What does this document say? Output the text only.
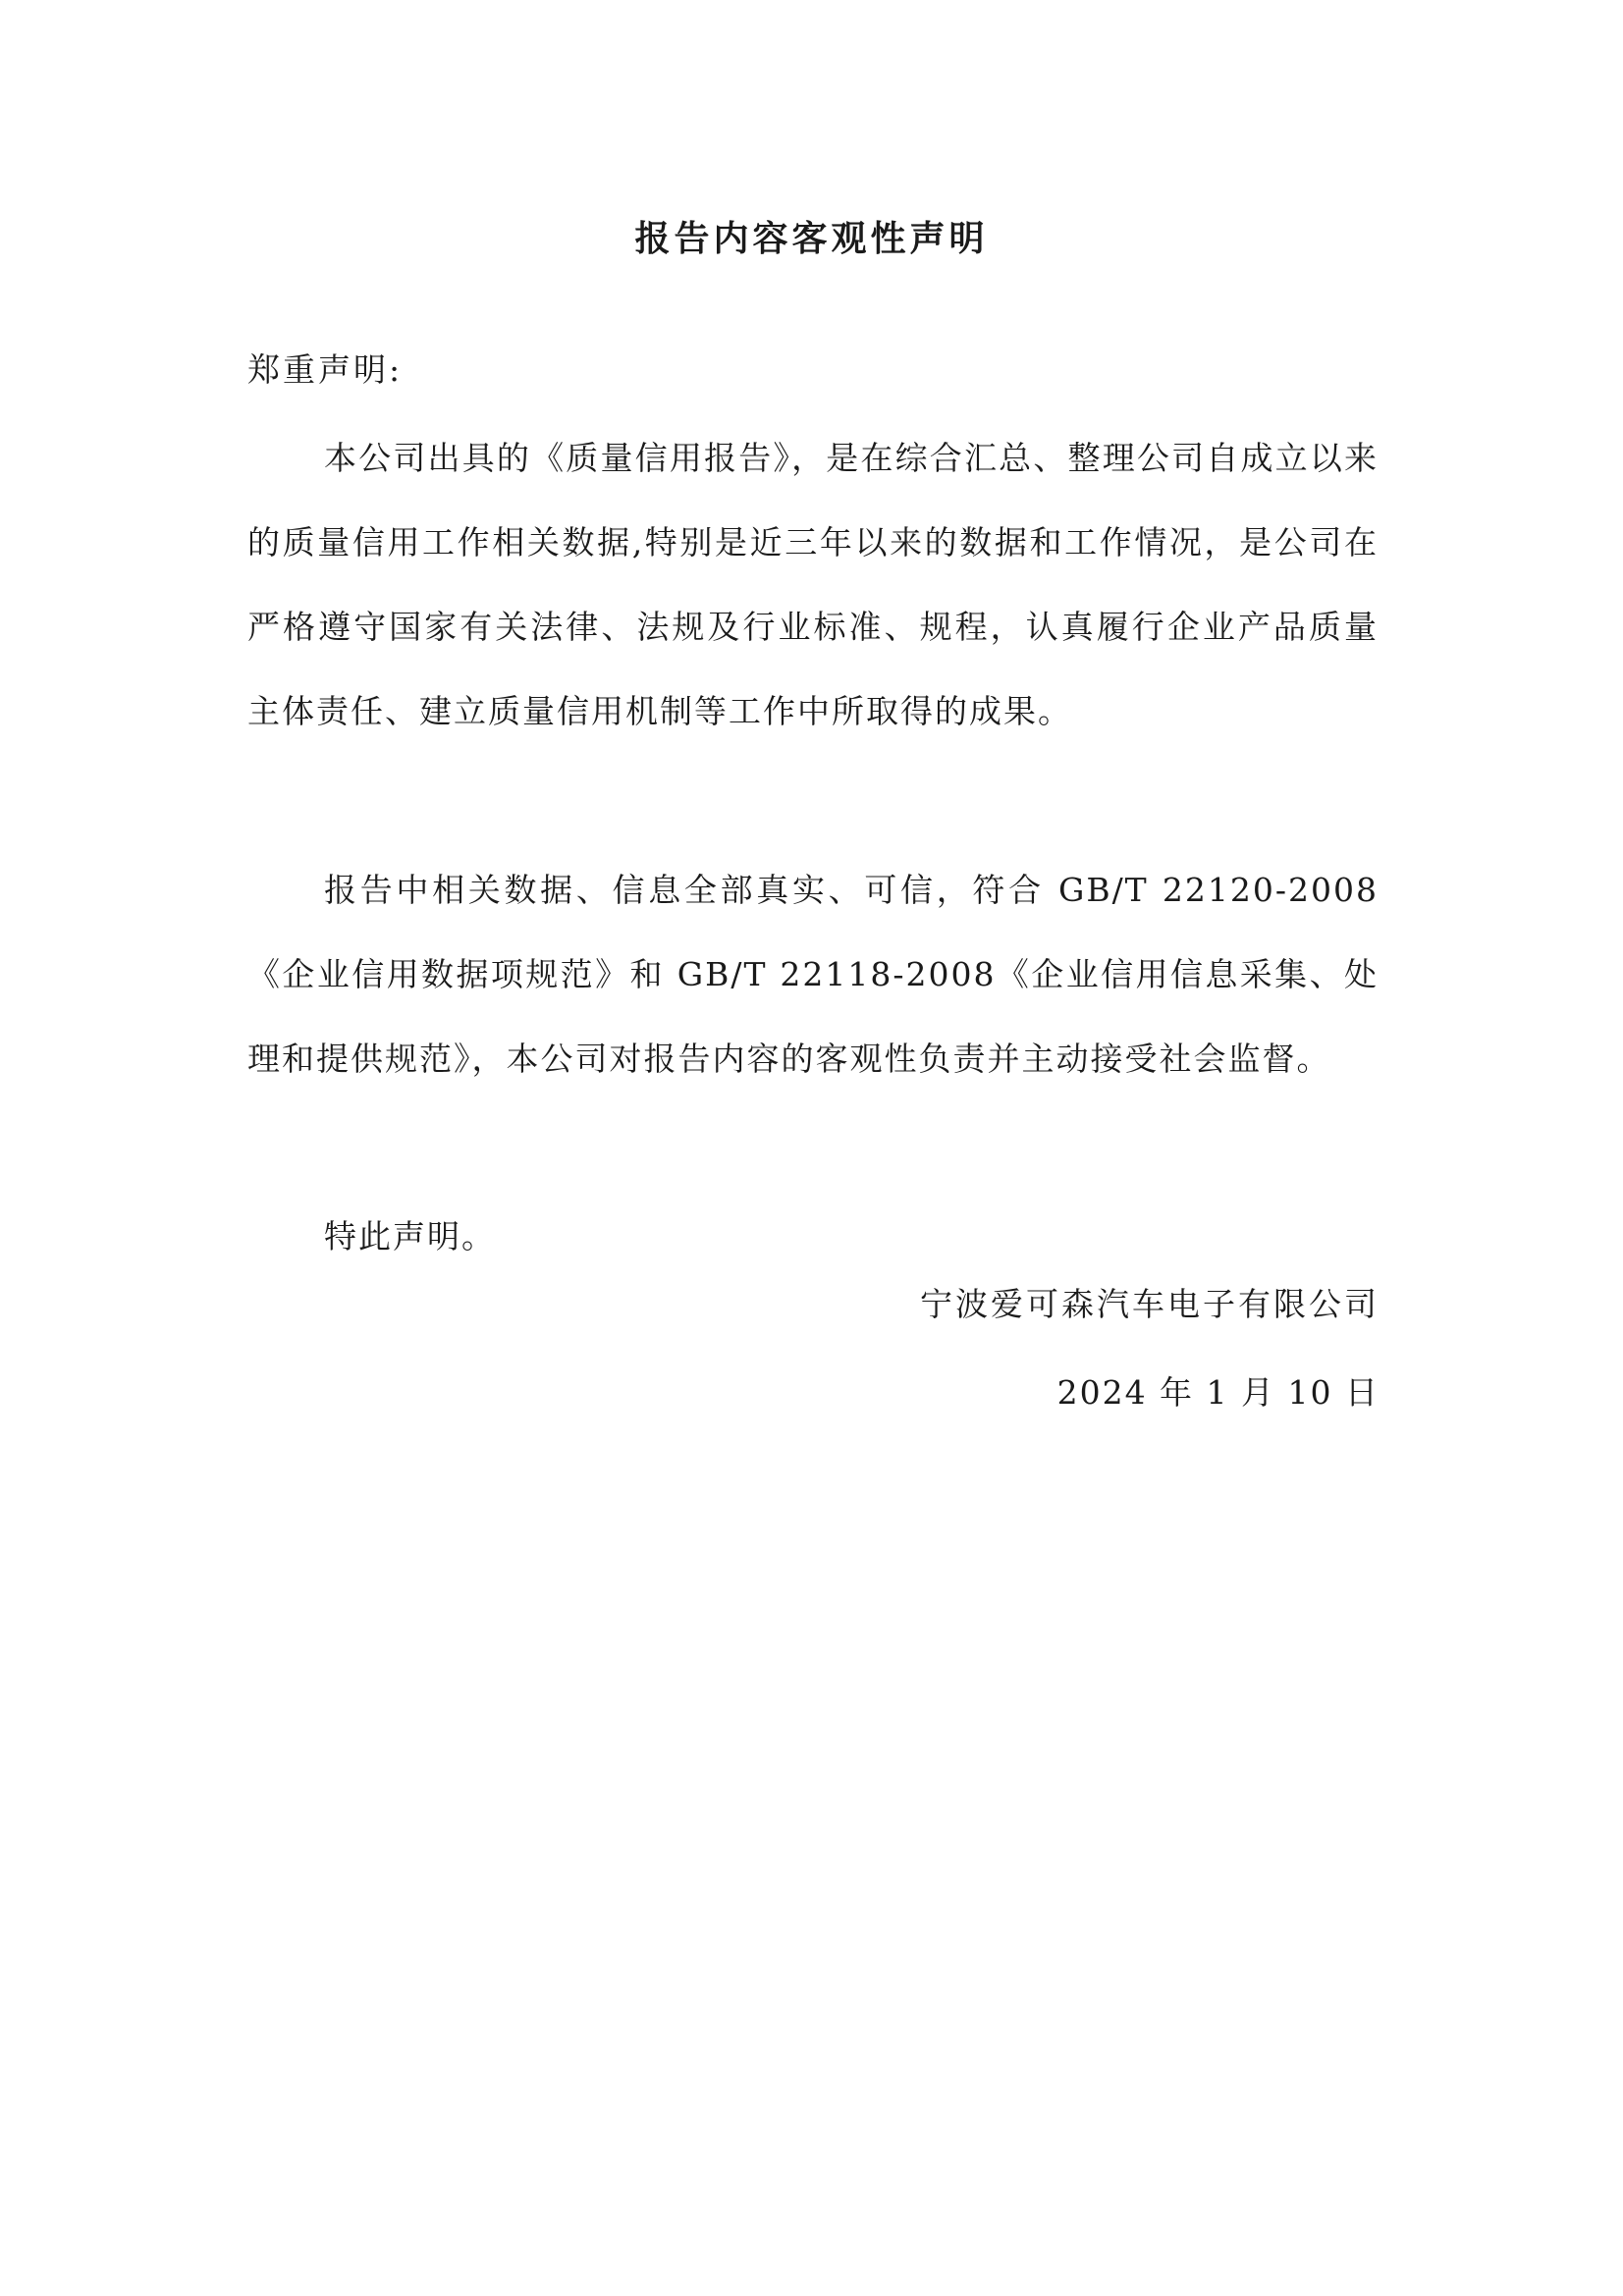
报告内容客观性声明

郑重声明:

本公司出具的《质量信用报告》，是在综合汇总、整理公司自成立以来的质量信用工作相关数据,特别是近三年以来的数据和工作情况，是公司在严格遵守国家有关法律、法规及行业标准、规程，认真履行企业产品质量主体责任、建立质量信用机制等工作中所取得的成果。

报告中相关数据、信息全部真实、可信，符合 GB/T 22120-2008《企业信用数据项规范》和 GB/T 22118-2008《企业信用信息采集、处理和提供规范》，本公司对报告内容的客观性负责并主动接受社会监督。

特此声明。

宁波爱可森汽车电子有限公司

2024 年 1 月 10 日
